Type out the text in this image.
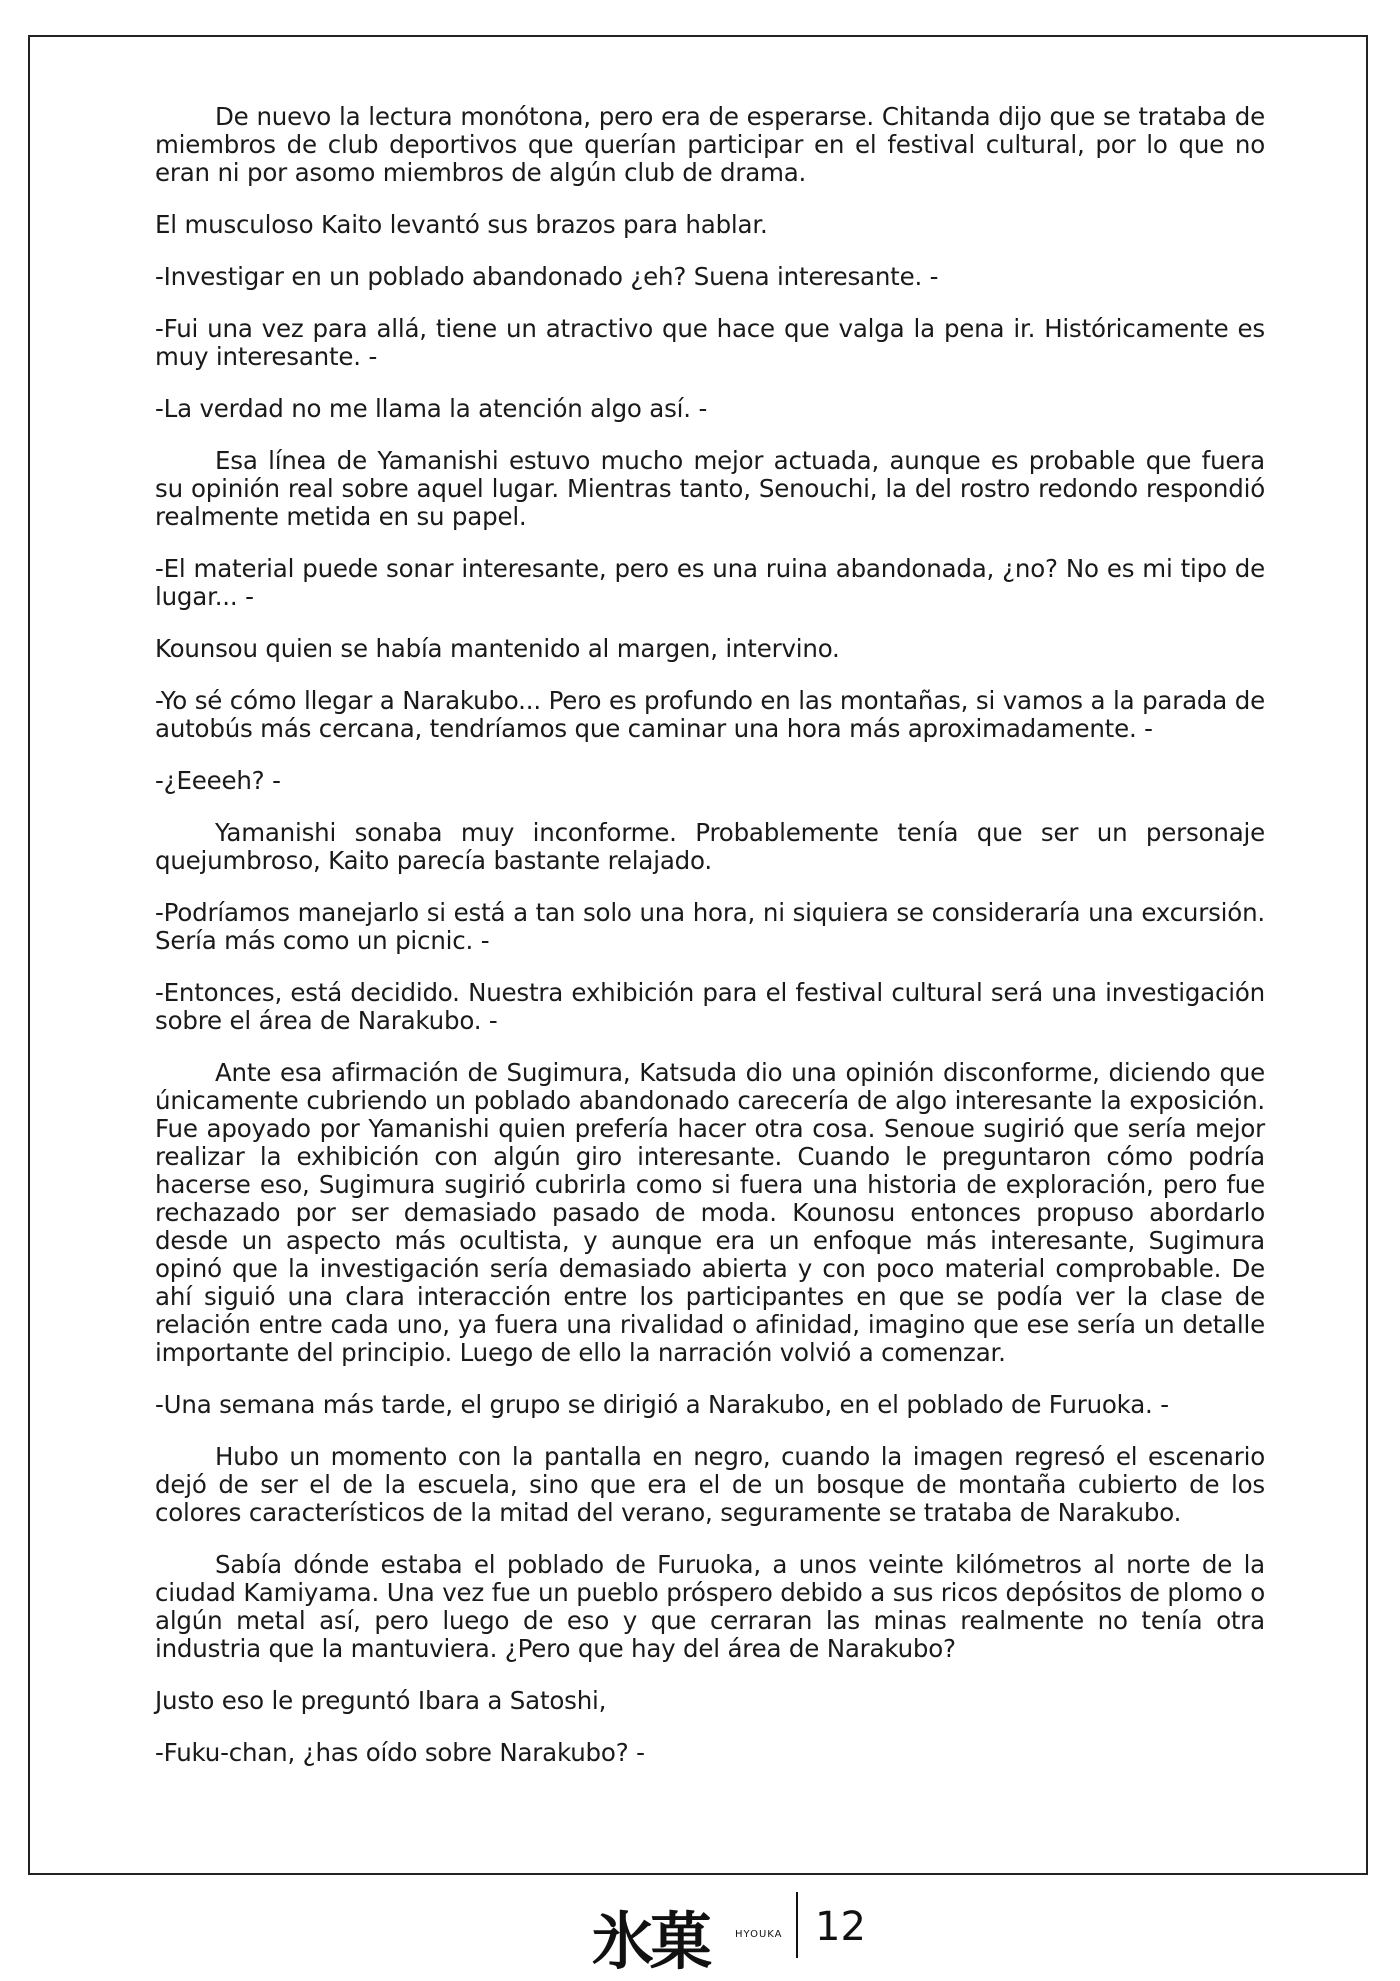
De nuevo la lectura monótona, pero era de esperarse. Chitanda dijo que se trataba de miembros de club deportivos que querían participar en el festival cultural, por lo que no eran ni por asomo miembros de algún club de drama.

El musculoso Kaito levantó sus brazos para hablar.

-Investigar en un poblado abandonado ¿eh? Suena interesante. -

-Fui una vez para allá, tiene un atractivo que hace que valga la pena ir. Históricamente es muy interesante. -

-La verdad no me llama la atención algo así. -

Esa línea de Yamanishi estuvo mucho mejor actuada, aunque es probable que fuera su opinión real sobre aquel lugar. Mientras tanto, Senouchi, la del rostro redondo respondió realmente metida en su papel.

-El material puede sonar interesante, pero es una ruina abandonada, ¿no? No es mi tipo de lugar... -

Kounsou quien se había mantenido al margen, intervino.

-Yo sé cómo llegar a Narakubo... Pero es profundo en las montañas, si vamos a la parada de autobús más cercana, tendríamos que caminar una hora más aproximadamente. -

-¿Eeeeh? -

Yamanishi sonaba muy inconforme. Probablemente tenía que ser un personaje quejumbroso, Kaito parecía bastante relajado.

-Podríamos manejarlo si está a tan solo una hora, ni siquiera se consideraría una excursión. Sería más como un picnic. -

-Entonces, está decidido. Nuestra exhibición para el festival cultural será una investigación sobre el área de Narakubo. -

Ante esa afirmación de Sugimura, Katsuda dio una opinión disconforme, diciendo que únicamente cubriendo un poblado abandonado carecería de algo interesante la exposición. Fue apoyado por Yamanishi quien prefería hacer otra cosa. Senoue sugirió que sería mejor realizar la exhibición con algún giro interesante. Cuando le preguntaron cómo podría hacerse eso, Sugimura sugirió cubrirla como si fuera una historia de exploración, pero fue rechazado por ser demasiado pasado de moda. Kounosu entonces propuso abordarlo desde un aspecto más ocultista, y aunque era un enfoque más interesante, Sugimura opinó que la investigación sería demasiado abierta y con poco material comprobable. De ahí siguió una clara interacción entre los participantes en que se podía ver la clase de relación entre cada uno, ya fuera una rivalidad o afinidad, imagino que ese sería un detalle importante del principio. Luego de ello la narración volvió a comenzar.

-Una semana más tarde, el grupo se dirigió a Narakubo, en el poblado de Furuoka. -

Hubo un momento con la pantalla en negro, cuando la imagen regresó el escenario dejó de ser el de la escuela, sino que era el de un bosque de montaña cubierto de los colores característicos de la mitad del verano, seguramente se trataba de Narakubo.

Sabía dónde estaba el poblado de Furuoka, a unos veinte kilómetros al norte de la ciudad Kamiyama. Una vez fue un pueblo próspero debido a sus ricos depósitos de plomo o algún metal así, pero luego de eso y que cerraran las minas realmente no tenía otra industria que la mantuviera. ¿Pero que hay del área de Narakubo?

Justo eso le preguntó Ibara a Satoshi,

-Fuku-chan, ¿has oído sobre Narakubo? -

氷菓	HYOUKA 12
